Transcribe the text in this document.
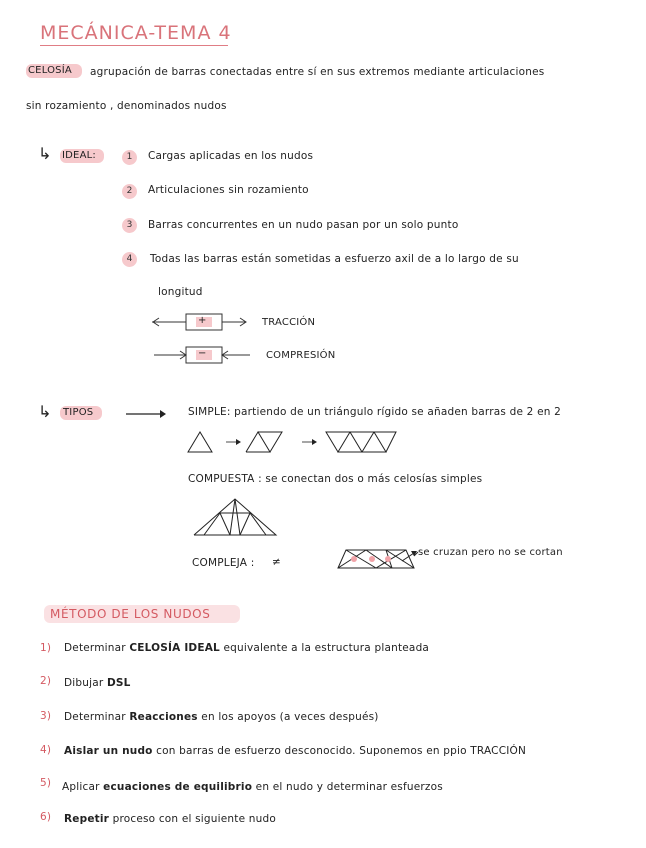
MECÁNICA-TEMA 4
CELOSÍA agrupación de barras conectadas entre sí en sus extremos mediante articulaciones
sin rozamiento , denominados nudos
↳ IDEAL:	1	Cargas aplicadas en los nudos
2	Articulaciones sin rozamiento
3	Barras concurrentes en un nudo pasan por un solo punto
4	Todas las barras están sometidas a esfuerzo axil de a lo largo de su
longitud
+	TRACCIÓN
−	COMPRESIÓN
↳ TIPOS	SIMPLE: partiendo de un triángulo rígido se añaden barras de 2 en 2
COMPUESTA : se conectan dos o más celosías simples
COMPLEJA : ≠
se cruzan pero no se cortan
MÉTODO DE LOS NUDOS
1) Determinar CELOSÍA IDEAL equivalente a la estructura planteada
2) Dibujar DSL
3) Determinar Reacciones en los apoyos (a veces después)
4) Aislar un nudo con barras de esfuerzo desconocido. Suponemos en ppio TRACCIÓN
5) Aplicar ecuaciones de equilibrio en el nudo y determinar esfuerzos
6) Repetir proceso con el siguiente nudo
